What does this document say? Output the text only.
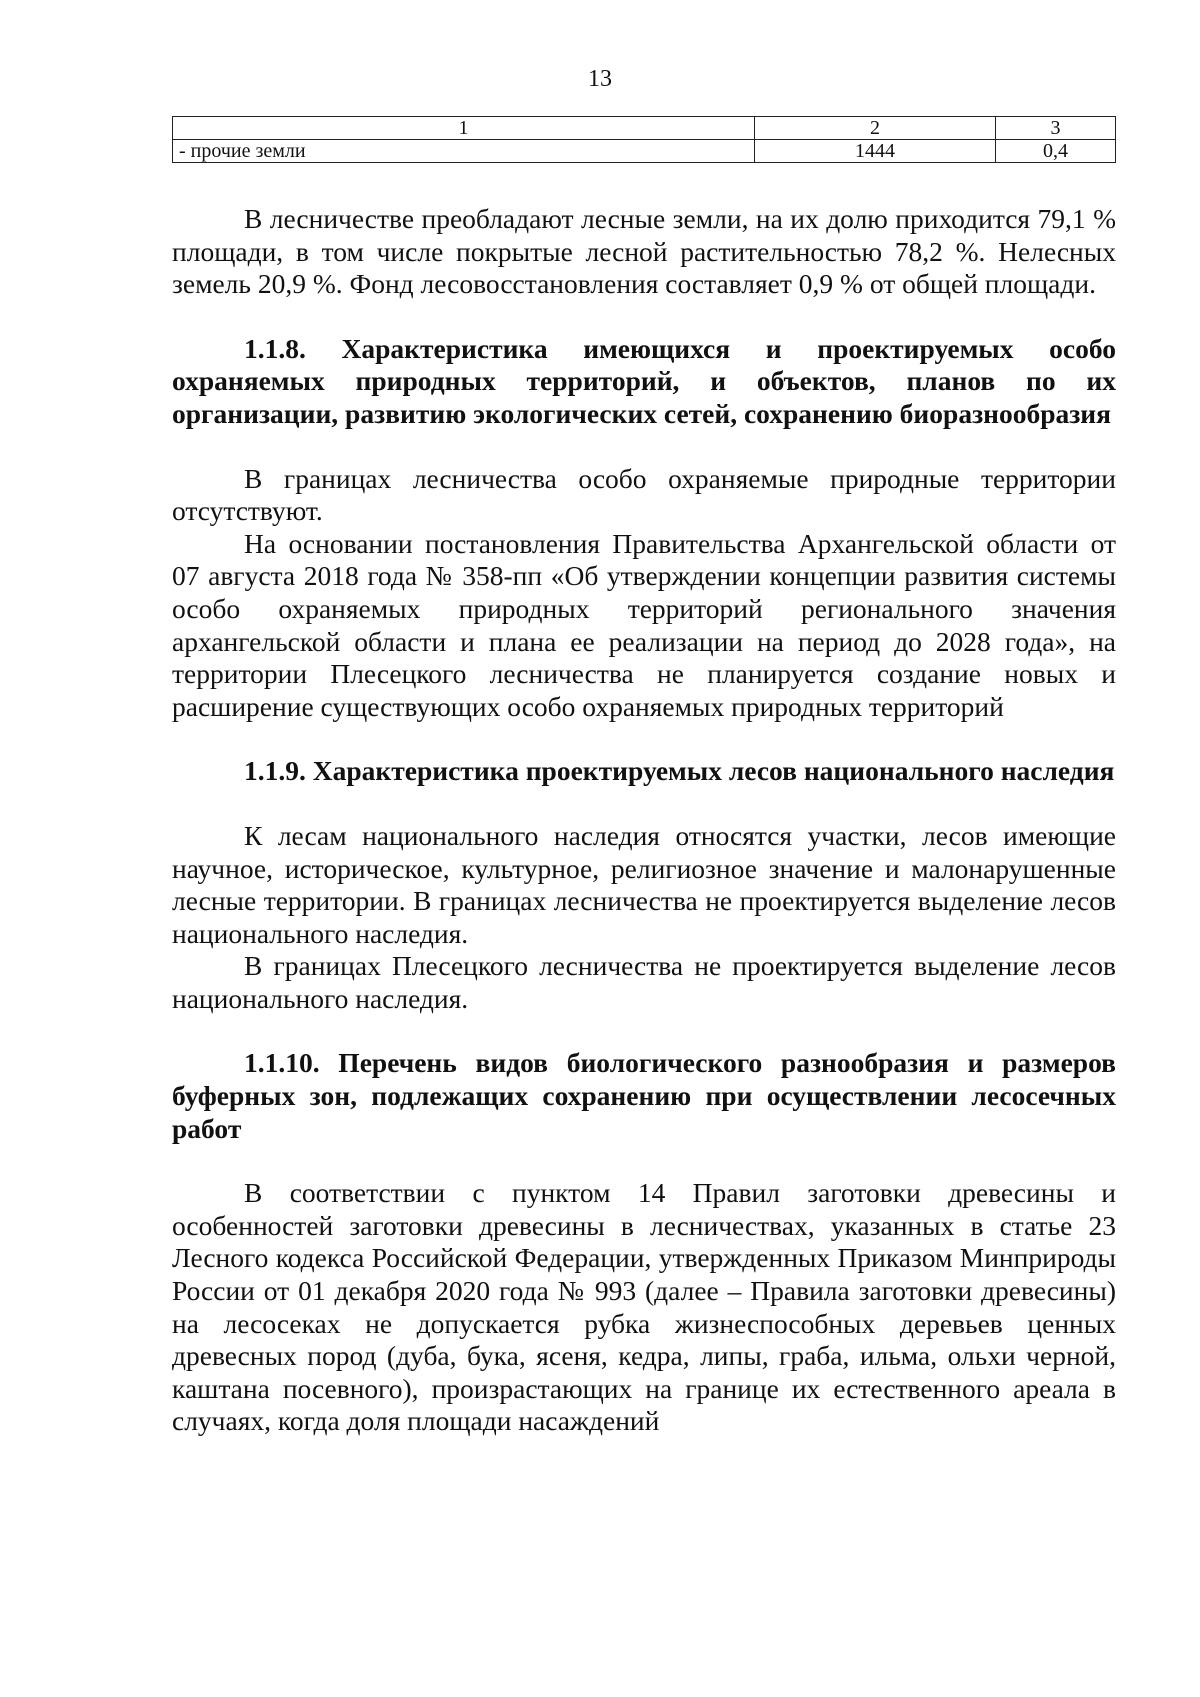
13
1	2	3
- прочие земли	1444	0,4

В лесничестве преобладают лесные земли, на их долю приходится 79,1 % площади, в том числе покрытые лесной растительностью 78,2 %. Нелесных земель 20,9 %. Фонд лесовосстановления составляет 0,9 % от общей площади.

1.1.8. Характеристика имеющихся и проектируемых особо охраняемых природных территорий, и объектов, планов по их организации, развитию экологических сетей, сохранению биоразнообразия

В границах лесничества особо охраняемые природные территории отсутствуют.

На основании постановления Правительства Архангельской области от 07 августа 2018 года № 358-пп «Об утверждении концепции развития системы особо охраняемых природных территорий регионального значения архангельской области и плана ее реализации на период до 2028 года», на территории Плесецкого лесничества не планируется создание новых и расширение существующих особо охраняемых природных территорий

1.1.9. Характеристика проектируемых лесов национального наследия

К лесам национального наследия относятся участки, лесов имеющие научное, историческое, культурное, религиозное значение и малонарушенные лесные территории. В границах лесничества не проектируется выделение лесов национального наследия.

В границах Плесецкого лесничества не проектируется выделение лесов национального наследия.

1.1.10. Перечень видов биологического разнообразия и размеров буферных зон, подлежащих сохранению при осуществлении лесосечных работ

В соответствии с пунктом 14 Правил заготовки древесины и особенностей заготовки древесины в лесничествах, указанных в статье 23 Лесного кодекса Российской Федерации, утвержденных Приказом Минприроды России от 01 декабря 2020 года № 993 (далее – Правила заготовки древесины) на лесосеках не допускается рубка жизнеспособных деревьев ценных древесных пород (дуба, бука, ясеня, кедра, липы, граба, ильма, ольхи черной, каштана посевного), произрастающих на границе их естественного ареала в случаях, когда доля площади насаждений
